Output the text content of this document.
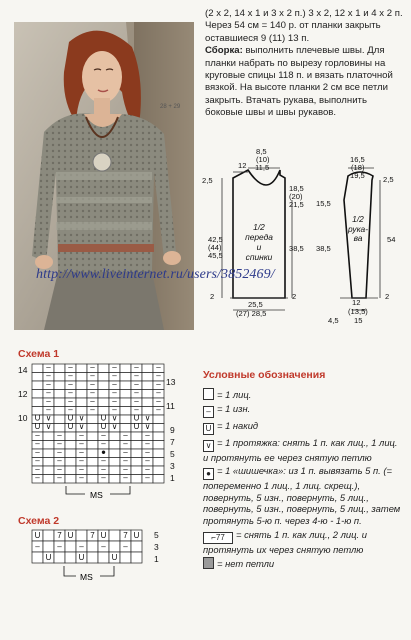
28 + 29

(2 х 2, 14 х 1 и 3 х 2 п.) 3 х 2, 12 х 1 и 4 х 2 п. Через 54 см = 140 р. от планки закрыть оставшиеся 9 (11) 13 п.

Сборка: выполнить плечевые швы. Для планки набрать по вырезу горловины на круговые спицы 118 п. и вязать платочной вязкой. На высоте планки 2 см все петли закрыть. Втачать рукава, выполнить боковые швы и швы рукавов.

8,5
(10)
11,5
12
2,5
18,5
(20)
21,5 15,5
38,5 38,5
42,5
(44)
45,5
2	2	2
25,5
(27) 28,5
16,5
(18)
19,5 2,5
54
4,5
12
(13,5)
15
1/2
переда
и
спинки
1/2
рука-
ва
http://www.liveinternet.ru/users/3852469/
Схема 1
– – – – – –
– – – – – –
– – – – – –
– – – – – –
– – – – – –
– – – – – –
U ∨ U ∨ U ∨ U ∨
U ∨ U ∨ U ∨ U ∨
– – – – – –
– – – – – –
– – – ● – –
– – – – – –
– – – – – –
– – – – – –
14
12
10
13
11
9
7
5
3
1
MS
Схема 2
U 7 U 7 U 7 U
– – – – –
U	U	U
5
3
1
MS
Условные обозначения
= 1 лиц.
– = 1 изн.
U = 1 накид
∨ = 1 протяжка: снять 1 п. как лиц., 1 лиц. и протянуть ее через снятую петлю
● = 1 «шишечка»: из 1 п. вывязать 5 п. (= попеременно 1 лиц., 1 лиц. скрещ.), повернуть, 5 изн., повернуть, 5 лиц., повернуть, 5 изн., повернуть, 5 лиц., затем протянуть 5-ю п. через 4-ю - 1-ю п.
⌐77 = снять 1 п. как лиц., 2 лиц. и протянуть их через снятую петлю
= нет петли
